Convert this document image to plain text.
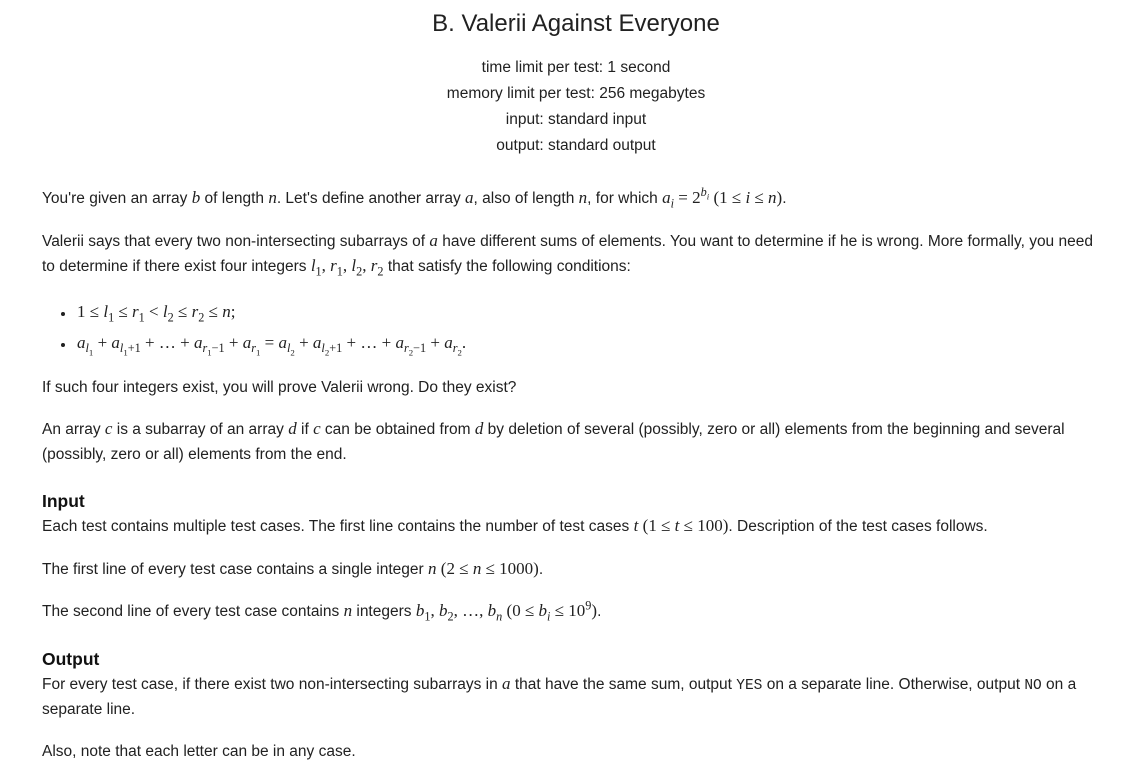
B. Valerii Against Everyone
time limit per test: 1 second
memory limit per test: 256 megabytes
input: standard input
output: standard output
You're given an array b of length n. Let's define another array a, also of length n, for which $a_i = 2^{b_i}$ (1 ≤ i ≤ n).
Valerii says that every two non-intersecting subarrays of a have different sums of elements. You want to determine if he is wrong. More formally, you need to determine if there exist four integers $l_1$, $r_1$, $l_2$, $r_2$ that satisfy the following conditions:
• $1 \le l_1 \le r_1 < l_2 \le r_2 \le n$;
• $a_{l_1} + a_{l_1+1}$ + … + $a_{r_1-1} + a_{r_1} = a_{l_2} + a_{l_2+1}$ + … + $a_{r_2-1} + a_{r_2}$.
If such four integers exist, you will prove Valerii wrong. Do they exist?
An array c is a subarray of an array d if c can be obtained from d by deletion of several (possibly, zero or all) elements from the beginning and several (possibly, zero or all) elements from the end.
Input
Each test contains multiple test cases. The first line contains the number of test cases t (1 ≤ t ≤ 100). Description of the test cases follows.
The first line of every test case contains a single integer n (2 ≤ n ≤ 1000).
The second line of every test case contains n integers $b_1$, $b_2$, …, $b_n$ $(0 \le b_i \le 10^9)$.
Output
For every test case, if there exist two non-intersecting subarrays in a that have the same sum, output YES on a separate line. Otherwise, output NO on a separate line.
Also, note that each letter can be in any case.
